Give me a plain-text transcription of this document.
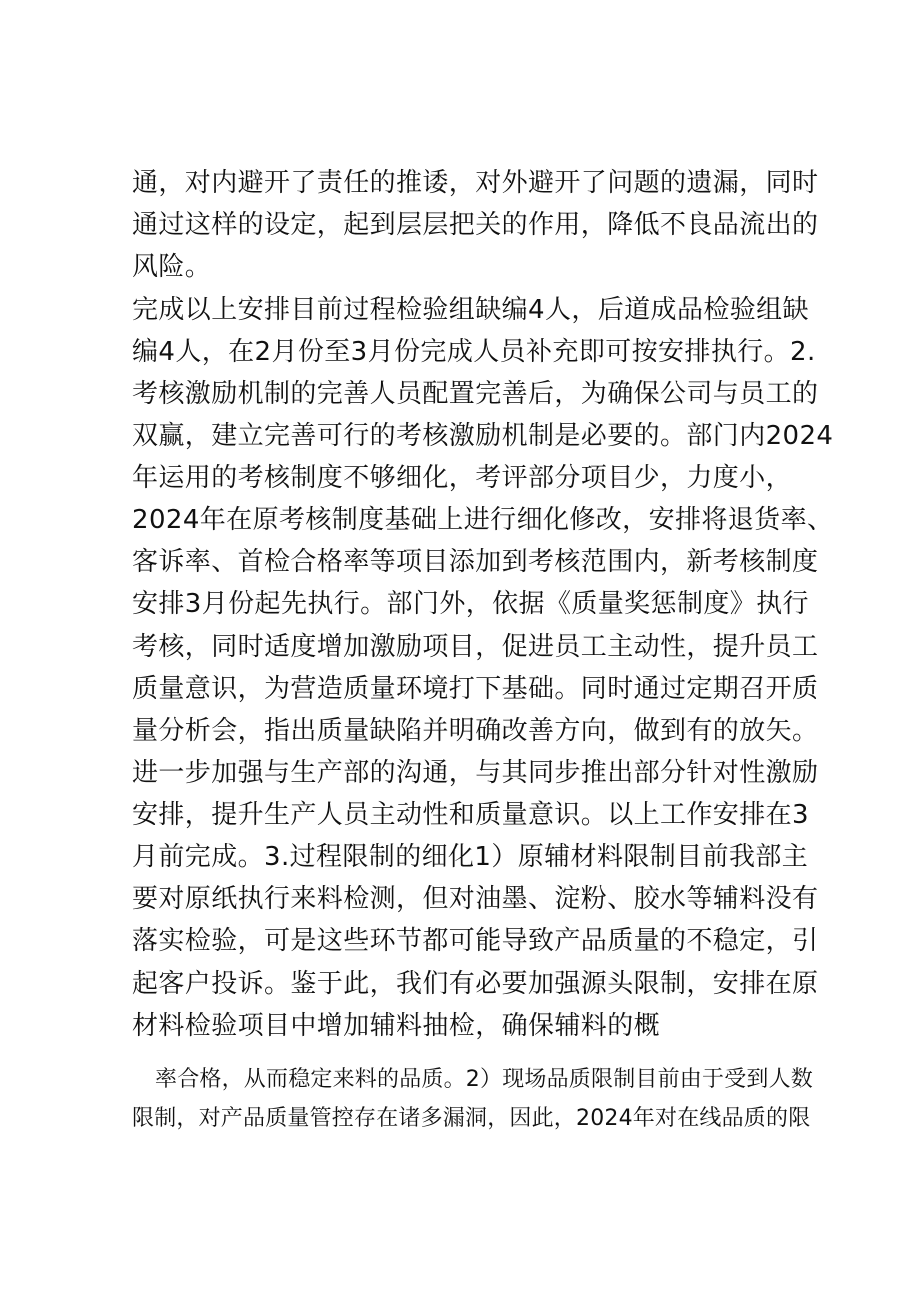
通，对内避开了责任的推诿，对外避开了问题的遗漏，同时
通过这样的设定，起到层层把关的作用，降低不良品流出的
风险。
完成以上安排目前过程检验组缺编4人，后道成品检验组缺
编4人，在2月份至3月份完成人员补充即可按安排执行。2.
考核激励机制的完善人员配置完善后，为确保公司与员工的
双赢，建立完善可行的考核激励机制是必要的。部门内2024
年运用的考核制度不够细化，考评部分项目少，力度小，
2024年在原考核制度基础上进行细化修改，安排将退货率、
客诉率、首检合格率等项目添加到考核范围内，新考核制度
安排3月份起先执行。部门外，依据《质量奖惩制度》执行
考核，同时适度增加激励项目，促进员工主动性，提升员工
质量意识，为营造质量环境打下基础。同时通过定期召开质
量分析会，指出质量缺陷并明确改善方向，做到有的放矢。
进一步加强与生产部的沟通，与其同步推出部分针对性激励
安排，提升生产人员主动性和质量意识。以上工作安排在3
月前完成。3.过程限制的细化1）原辅材料限制目前我部主
要对原纸执行来料检测，但对油墨、淀粉、胶水等辅料没有
落实检验，可是这些环节都可能导致产品质量的不稳定，引
起客户投诉。鉴于此，我们有必要加强源头限制，安排在原
材料检验项目中增加辅料抽检，确保辅料的概
率合格，从而稳定来料的品质。2）现场品质限制目前由于受到人数
限制，对产品质量管控存在诸多漏洞，因此，2024年对在线品质的限
